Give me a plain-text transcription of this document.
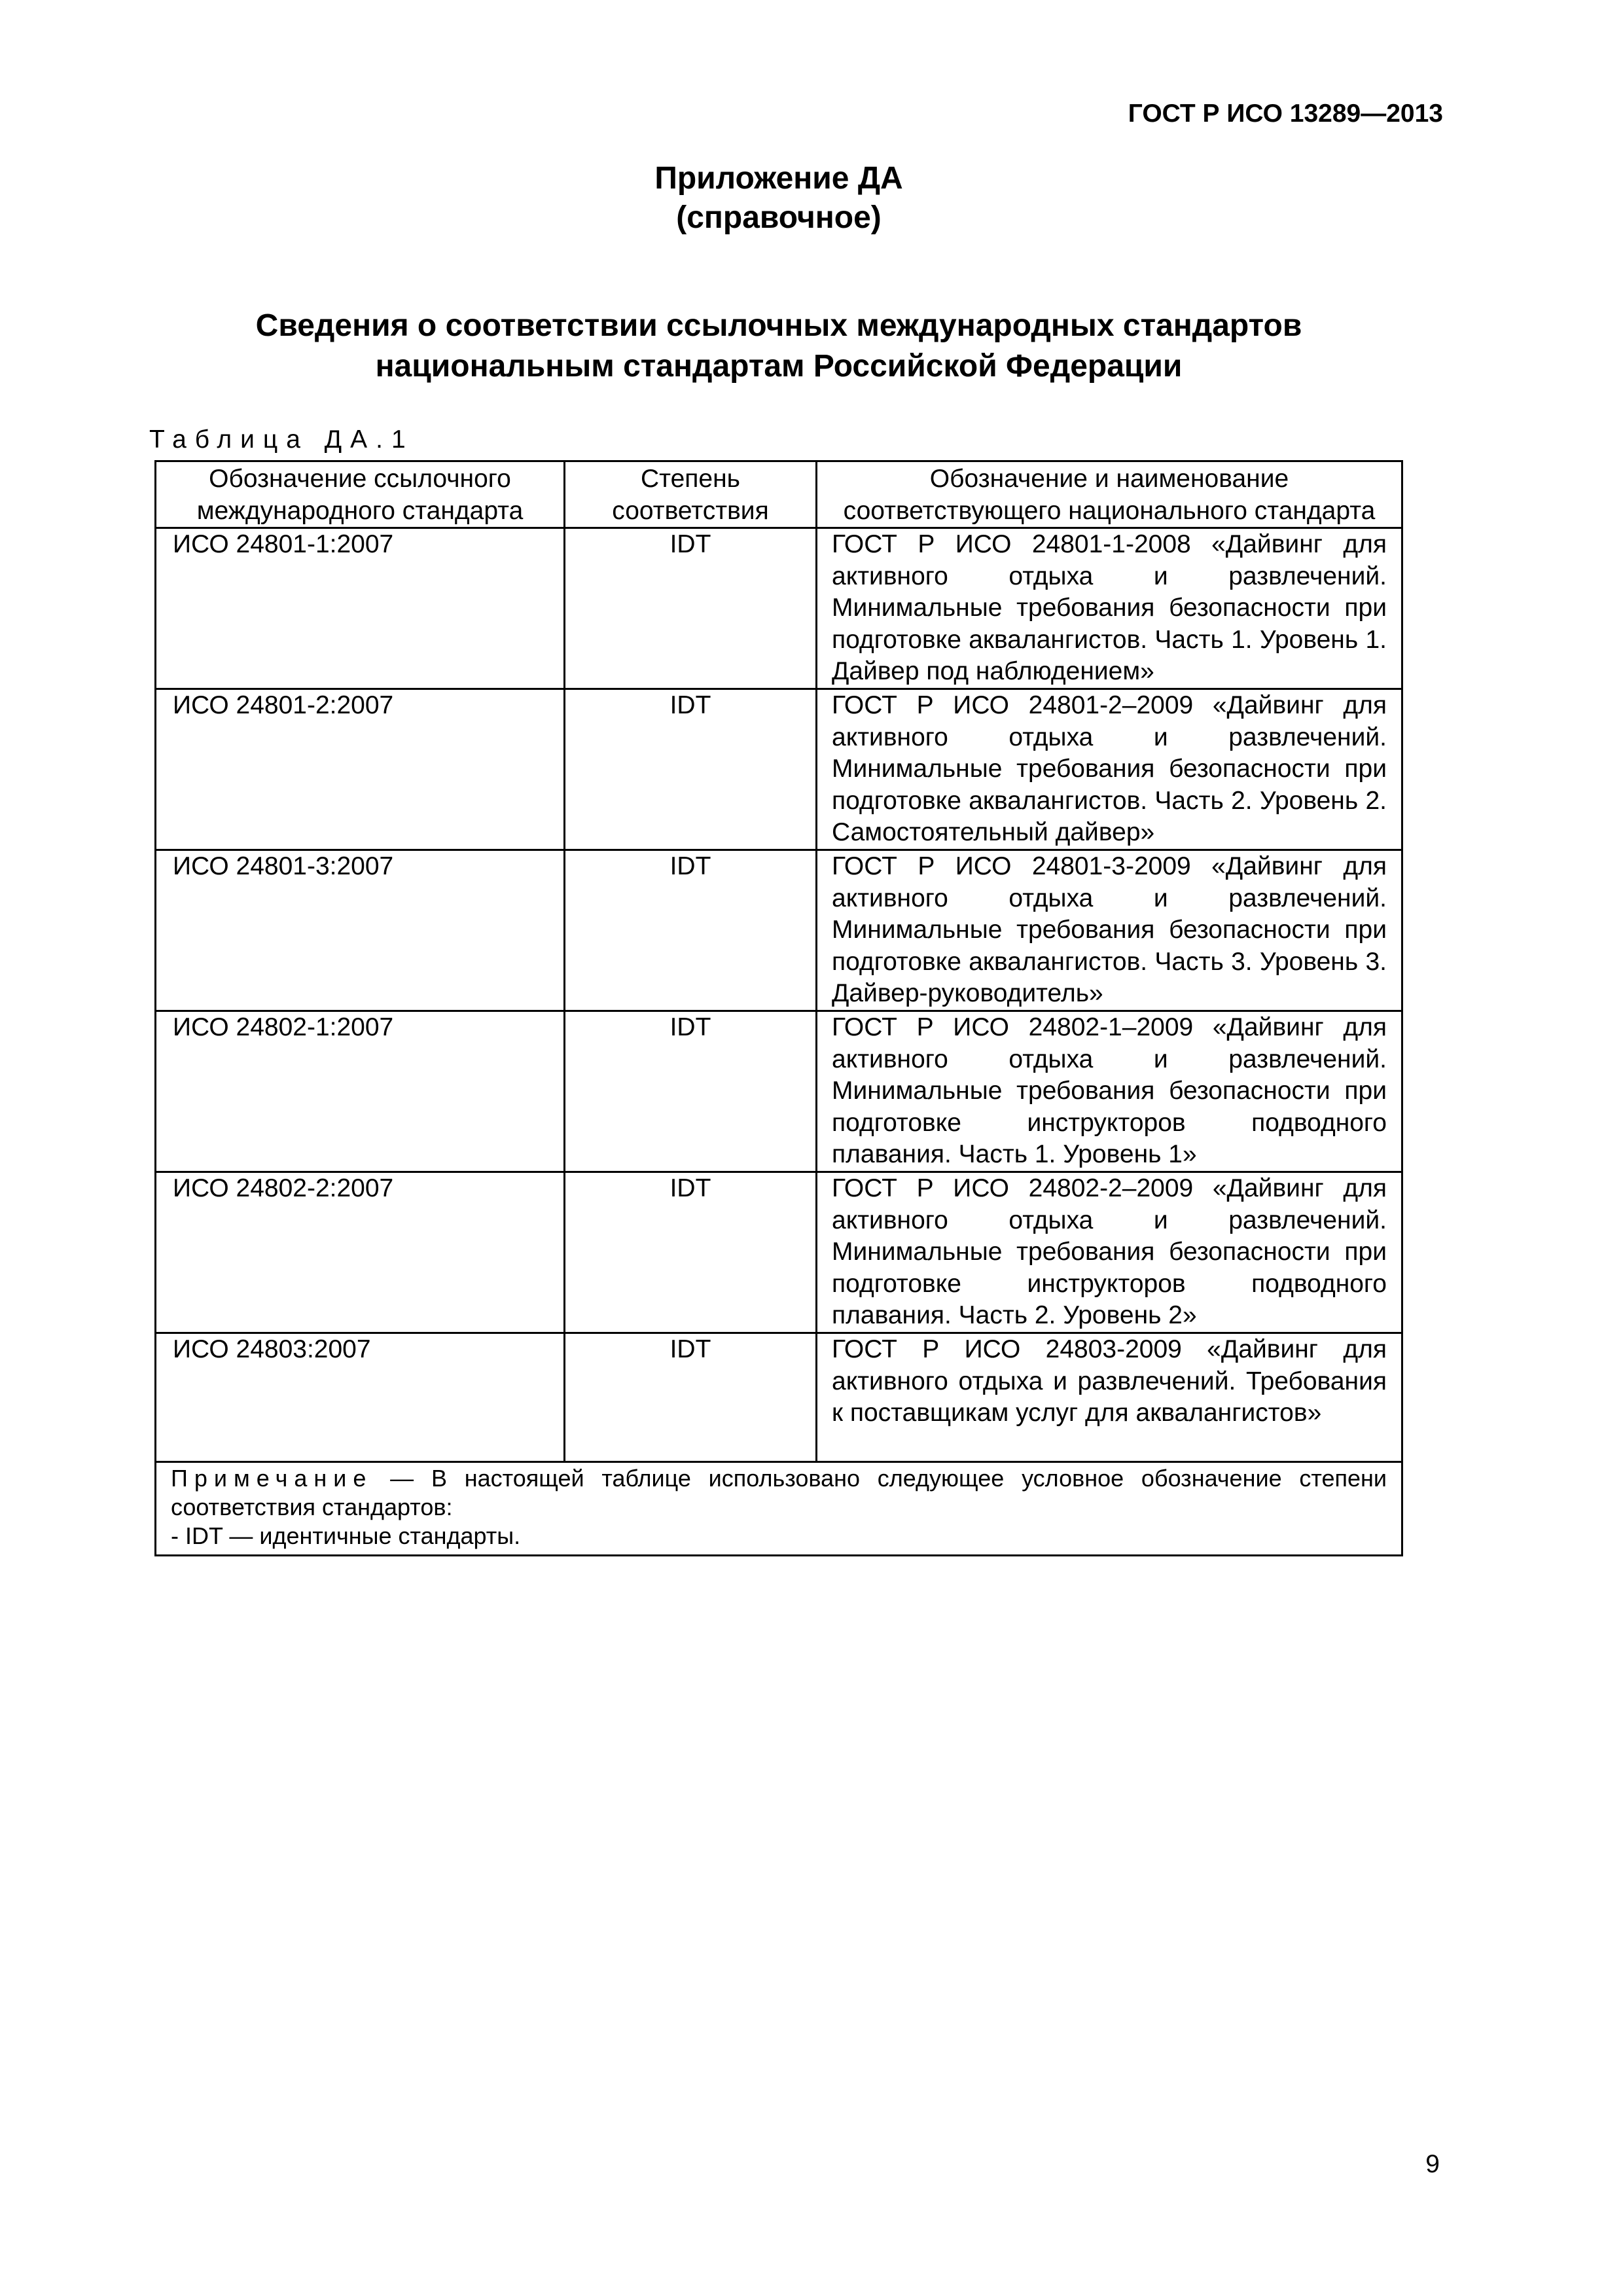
ГОСТ Р ИСО 13289—2013
Приложение ДА
(справочное)
Сведения о соответствии ссылочных международных стандартов
национальным стандартам Российской Федерации
Таблица ДА.1
Обозначение ссылочного международного стандарта	Степень соответствия	Обозначение и наименование соответствующего национального стандарта
ИСО 24801-1:2007	IDT	ГОСТ Р ИСО 24801-1-2008 «Дайвинг для активного отдыха и развлечений. Минимальные требования безопасности при подготовке аквалангистов. Часть 1. Уровень 1. Дайвер под наблюдением»
ИСО 24801-2:2007	IDT	ГОСТ Р ИСО 24801-2–2009 «Дайвинг для активного отдыха и развлечений. Минимальные требования безопасности при подготовке аквалангистов. Часть 2. Уровень 2. Самостоятельный дайвер»
ИСО 24801-3:2007	IDT	ГОСТ Р ИСО 24801-3-2009 «Дайвинг для активного отдыха и развлечений. Минимальные требования безопасности при подготовке аквалангистов. Часть 3. Уровень 3. Дайвер-руководитель»
ИСО 24802-1:2007	IDT	ГОСТ Р ИСО 24802-1–2009 «Дайвинг для активного отдыха и развлечений. Минимальные требования безопасности при подготовке инструкторов подводного плавания. Часть 1. Уровень 1»
ИСО 24802-2:2007	IDT	ГОСТ Р ИСО 24802-2–2009 «Дайвинг для активного отдыха и развлечений. Минимальные требования безопасности при подготовке инструкторов подводного плавания. Часть 2. Уровень 2»
ИСО 24803:2007	IDT	ГОСТ Р ИСО 24803-2009 «Дайвинг для активного отдыха и развлечений. Требования к поставщикам услуг для аквалангистов»
Примечание — В настоящей таблице использовано следующее условное обозначение степени соответствия стандартов:
- IDT — идентичные стандарты.		
9
